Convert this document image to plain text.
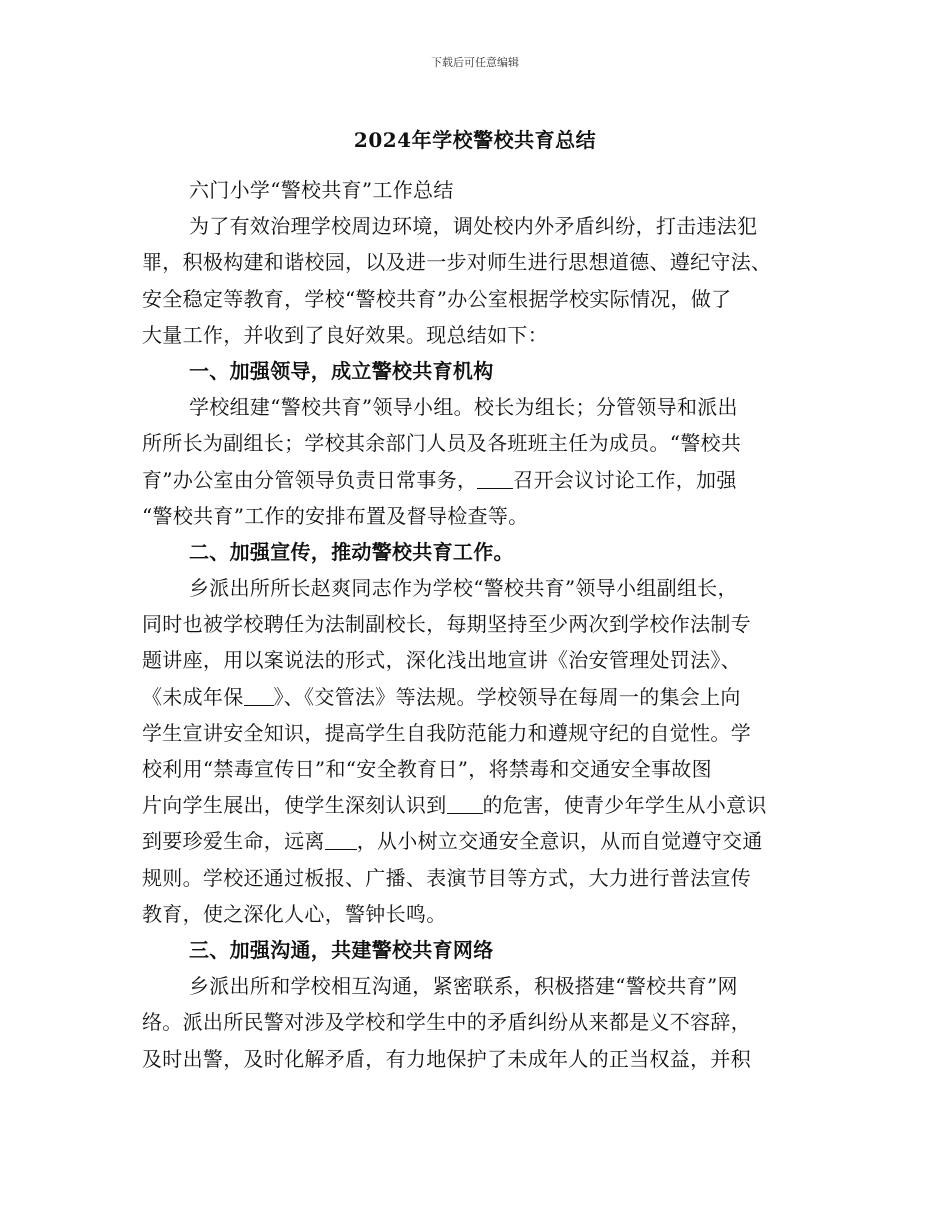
下载后可任意编辑
2024年学校警校共育总结
六门小学“警校共育”工作总结
为了有效治理学校周边环境，调处校内外矛盾纠纷，打击违法犯
罪，积极构建和谐校园，以及进一步对师生进行思想道德、遵纪守法、
安全稳定等教育，学校“警校共育”办公室根据学校实际情况，做了
大量工作，并收到了良好效果。现总结如下：
一、加强领导，成立警校共育机构
学校组建“警校共育”领导小组。校长为组长；分管领导和派出
所所长为副组长；学校其余部门人员及各班班主任为成员。“警校共
育”办公室由分管领导负责日常事务， 召开会议讨论工作，加强
“警校共育”工作的安排布置及督导检查等。
二、加强宣传，推动警校共育工作。
乡派出所所长赵爽同志作为学校“警校共育”领导小组副组长，
同时也被学校聘任为法制副校长，每期坚持至少两次到学校作法制专
题讲座，用以案说法的形式，深化浅出地宣讲《治安管理处罚法》、
《未成年保 》、《交管法》等法规。学校领导在每周一的集会上向
学生宣讲安全知识，提高学生自我防范能力和遵规守纪的自觉性。学
校利用“禁毒宣传日”和“安全教育日”，将禁毒和交通安全事故图
片向学生展出，使学生深刻认识到 的危害，使青少年学生从小意识
到要珍爱生命，远离 ，从小树立交通安全意识，从而自觉遵守交通
规则。学校还通过板报、广播、表演节目等方式，大力进行普法宣传
教育，使之深化人心，警钟长鸣。
三、加强沟通，共建警校共育网络
乡派出所和学校相互沟通，紧密联系，积极搭建“警校共育”网
络。派出所民警对涉及学校和学生中的矛盾纠纷从来都是义不容辞，
及时出警，及时化解矛盾，有力地保护了未成年人的正当权益，并积
